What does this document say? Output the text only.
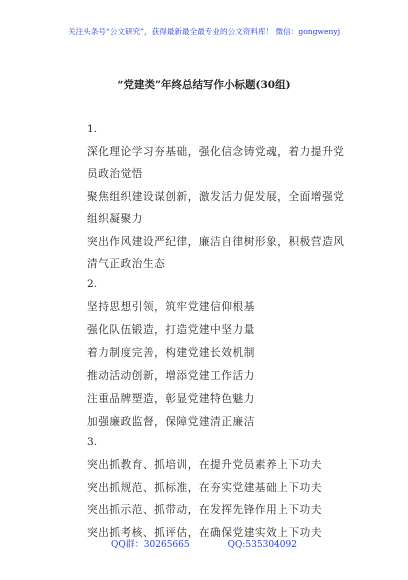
关注头条号“公文研究”，获得最新最全最专业的公文资料库！ 微信：gongwenyj
“党建类”年终总结写作小标题(30组)
1.
深化理论学习夯基础，强化信念铸党魂，着力提升党
员政治觉悟
聚焦组织建设谋创新，激发活力促发展，全面增强党
组织凝聚力
突出作风建设严纪律，廉洁自律树形象，积极营造风
清气正政治生态
2.
坚持思想引领，筑牢党建信仰根基
强化队伍锻造，打造党建中坚力量
着力制度完善，构建党建长效机制
推动活动创新，增添党建工作活力
注重品牌塑造，彰显党建特色魅力
加强廉政监督，保障党建清正廉洁
3.
突出抓教育、抓培训，在提升党员素养上下功夫
突出抓规范、抓标准，在夯实党建基础上下功夫
突出抓示范、抓带动，在发挥先锋作用上下功夫
突出抓考核、抓评估，在确保党建实效上下功夫
QQ群：30265665	QQ:535304092
